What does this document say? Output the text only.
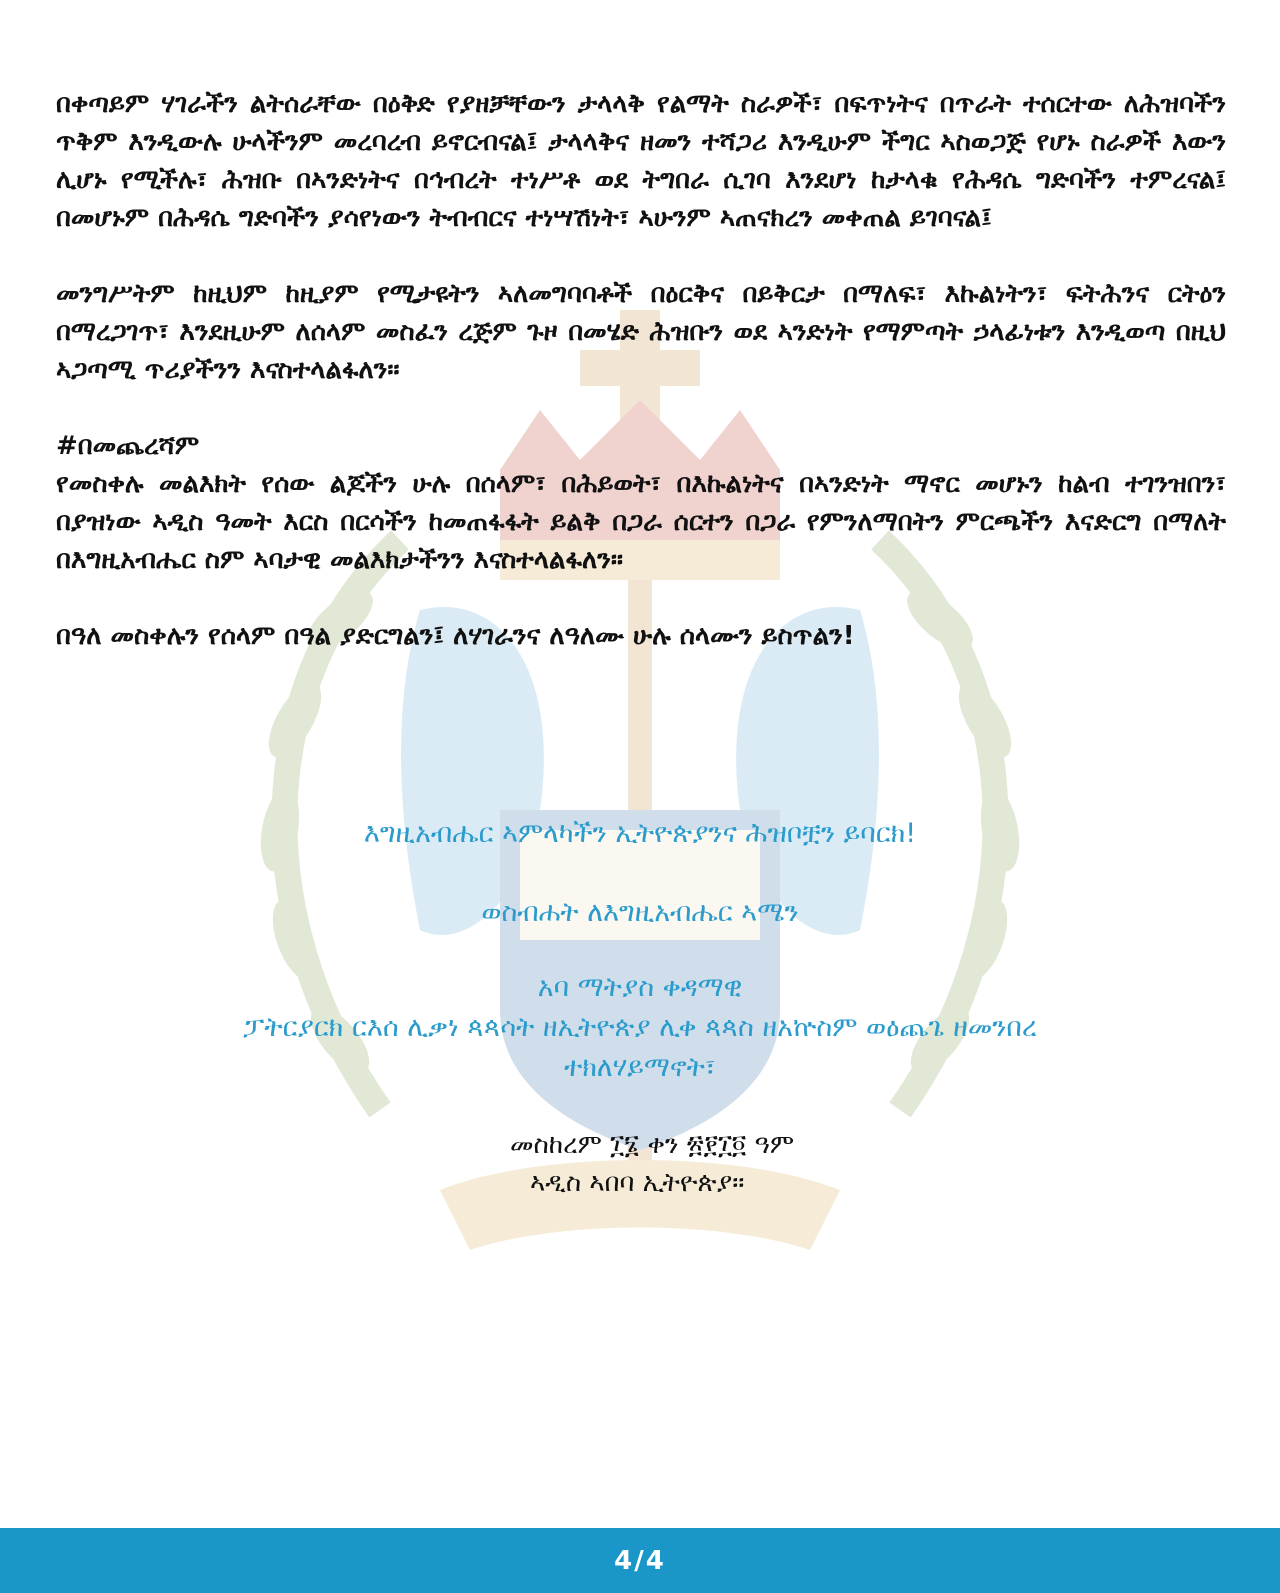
በቀጣይም ሃገራችን ልትሰራቸው በዕቅድ የያዘቻቸውን ታላላቅ የልማት ስራዎች፣ በፍጥነትና በጥራት ተሰርተው ለሕዝባችን ጥቅም እንዲውሉ ሁላችንም መረባረብ ይኖርብናል፤ ታላላቅና ዘመን ተሻጋሪ እንዲሁም ችግር ኣስወጋጅ የሆኑ ስራዎች እውን ሊሆኑ የሚችሉ፣ ሕዝቡ በኣንድነትና በኅብረት ተነሥቶ ወደ ትግበራ ሲገባ እንደሆነ ከታላቁ የሕዳሴ ግድባችን ተምረናል፤ በመሆኑም በሕዳሴ ግድባችን ያሳየነውን ትብብርና ተነሣሽነት፣ ኣሁንም ኣጠናክረን መቀጠል ይገባናል፤

መንግሥትም ከዚህም ከዚያም የሚታዩትን ኣለመግባባቶች በዕርቅና በይቅርታ በማለፍ፣ እኩልነትን፣ ፍትሕንና ርትዕን በማረጋገጥ፣ እንደዚሁም ለሰላም መስፈን ረጅም ጉዞ በመሄድ ሕዝቡን ወደ ኣንድነት የማምጣት ኃላፊነቱን እንዲወጣ በዚህ ኣጋጣሚ ጥሪያችንን እናስተላልፋለን።

#በመጨረሻም

የመስቀሉ መልእክት የሰው ልጆችን ሁሉ በሰላም፣ በሕይወት፣ በእኩልነትና በኣንድነት ማኖር መሆኑን ከልብ ተገንዝበን፣ በያዝነው ኣዲስ ዓመት እርስ በርሳችን ከመጠፋፋት ይልቅ በጋራ ሰርተን በጋራ የምንለማበትን ምርጫችን እናድርግ በማለት በእግዚአብሔር ስም ኣባታዊ መልእክታችንን እናስተላልፋለን።

በዓለ መስቀሉን የሰላም በዓል ያድርግልን፤ ለሃገራንና ለዓለሙ ሁሉ ሰላሙን ይስጥልን!

እግዚአብሔር ኣምላካችን ኢትዮጵያንና ሕዝቦቿን ይባርክ!

ወስብሐት ለእግዚአብሔር ኣሜን

አባ ማትያስ ቀዳማዊ

ፓትርያርክ ርእሰ ሊቃነ ጳጳሳት ዘኢትዮጵያ ሊቀ ጳጳስ ዘአኵስም ወዕጨጌ ዘመንበረ

ተክለሃይማኖት፣

መስከረም ፲፮ ቀን ፳፻፲፬ ዓም

ኣዲስ ኣበባ ኢትዮጵያ።

4/4
